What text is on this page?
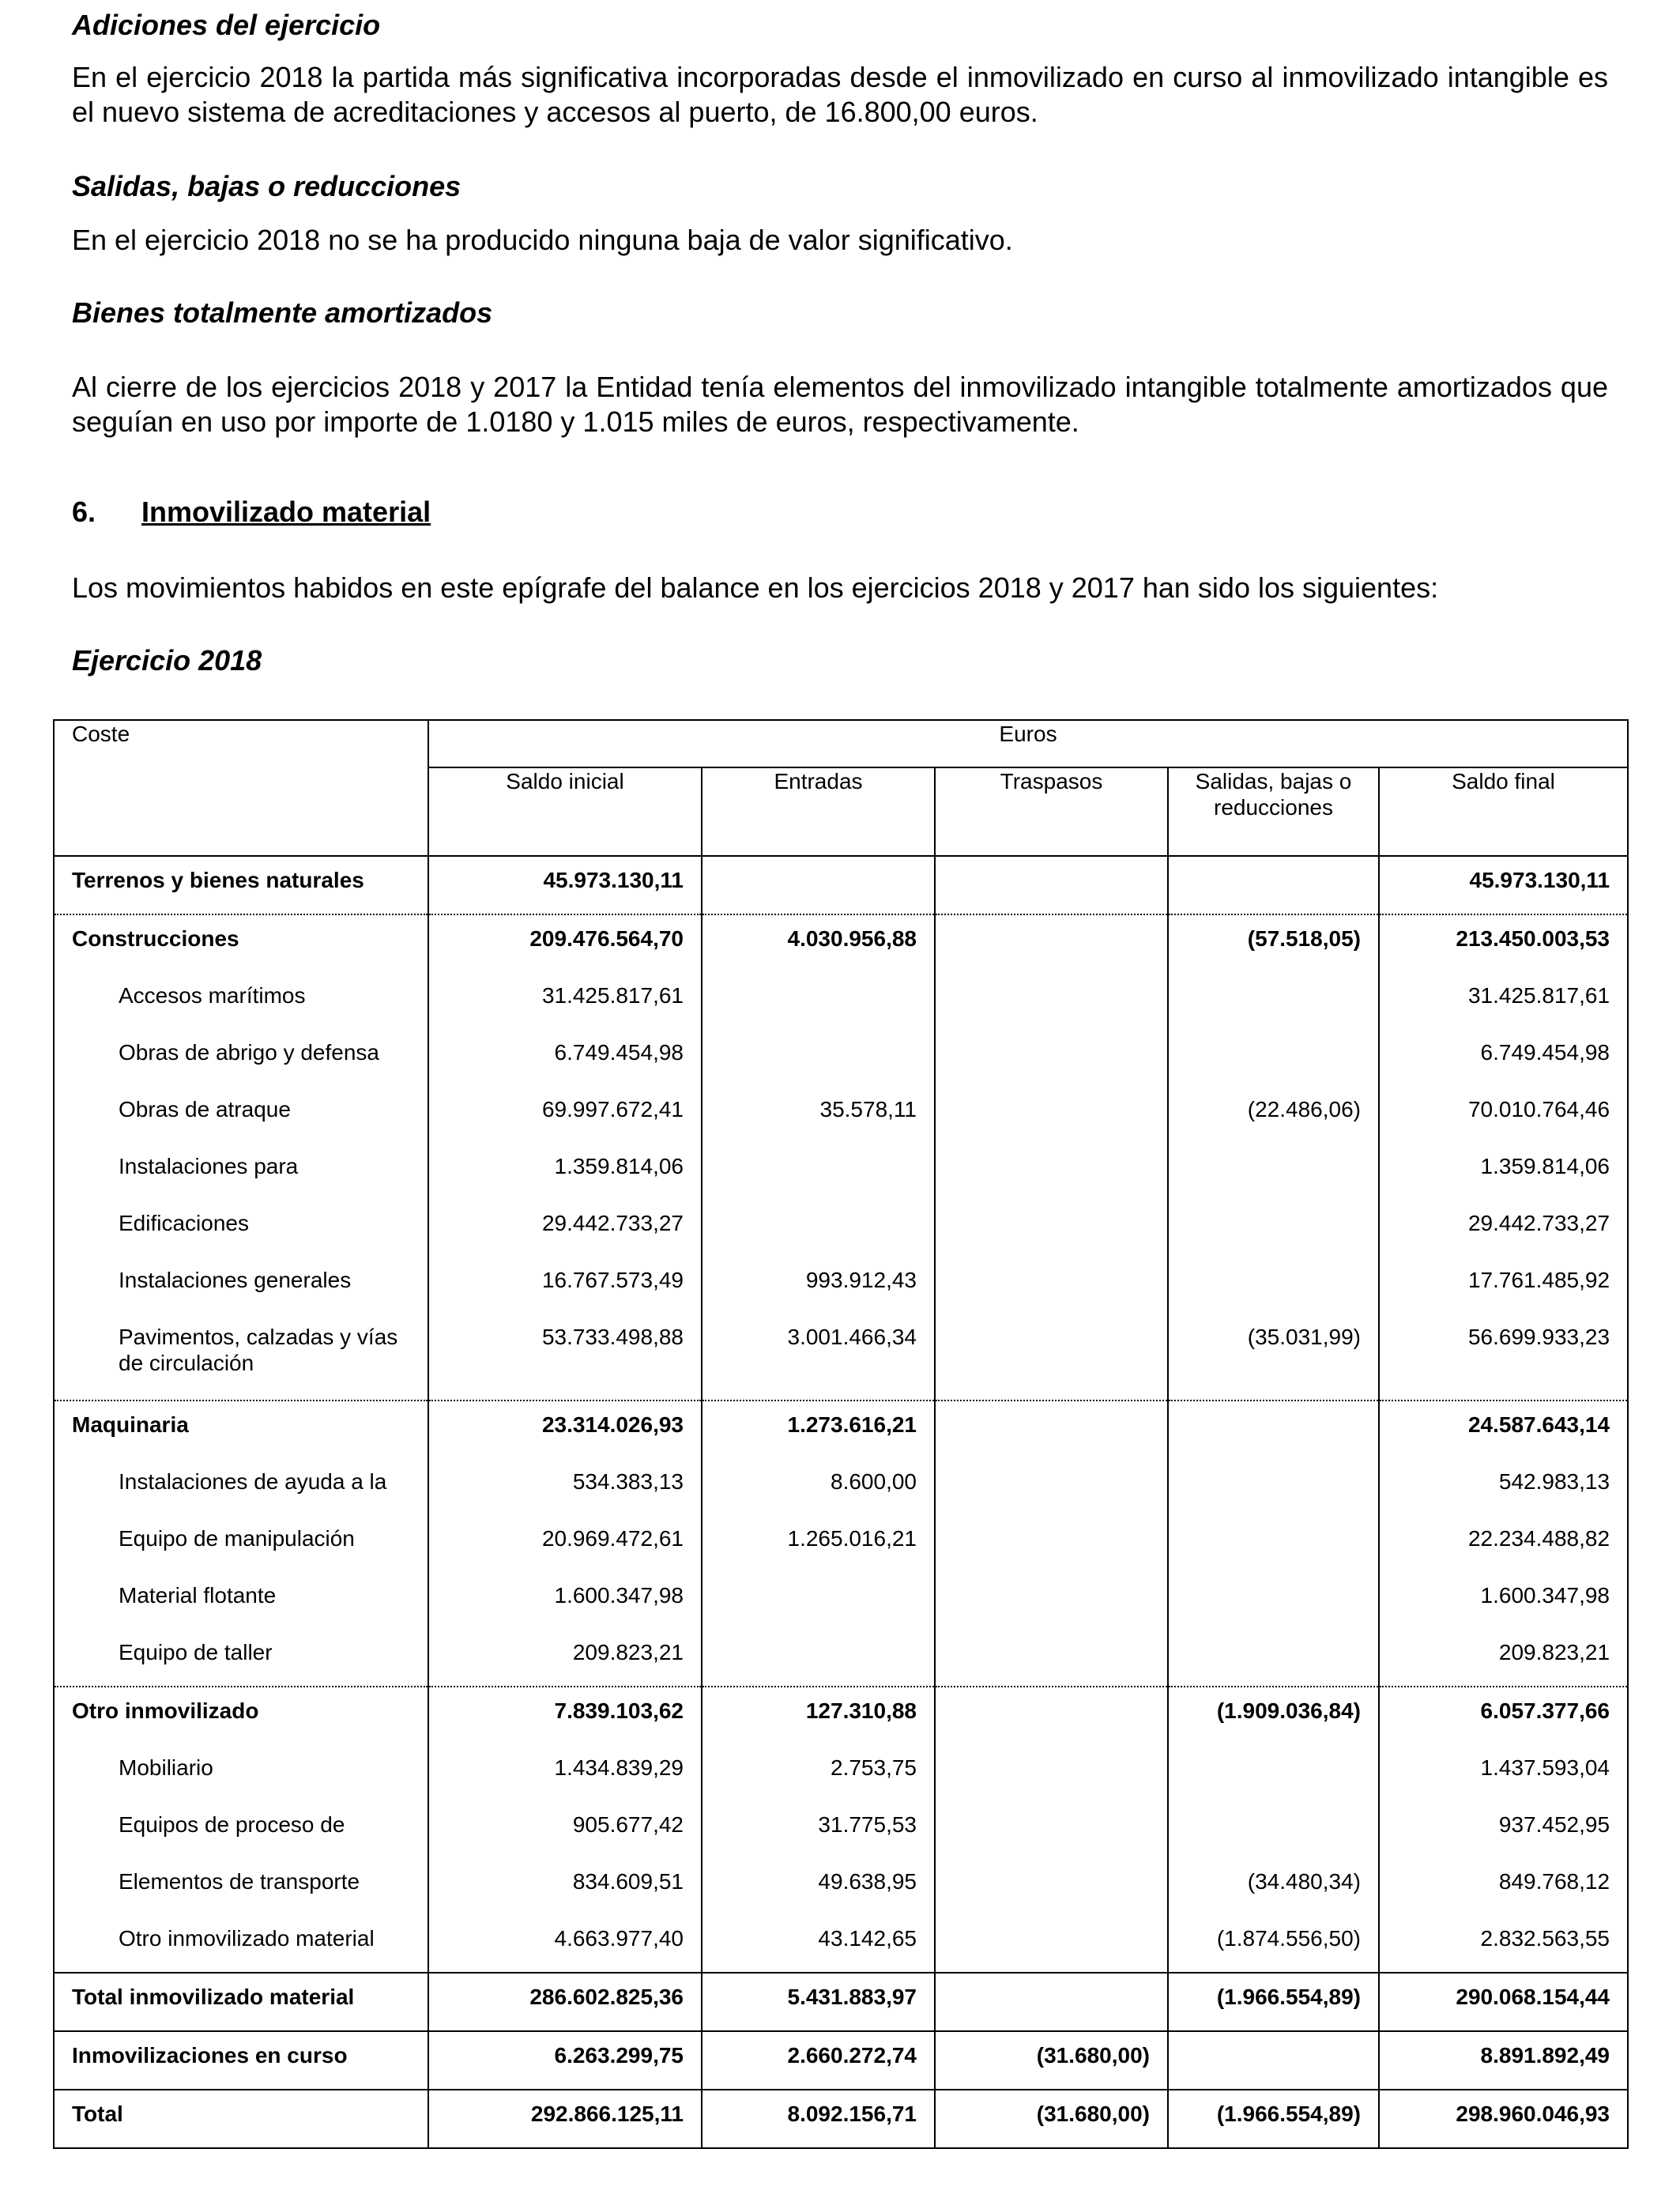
Adiciones del ejercicio

En el ejercicio 2018 la partida más significativa incorporadas desde el inmovilizado en curso al inmovilizado intangible es el nuevo sistema de acreditaciones y accesos al puerto, de 16.800,00 euros.

Salidas, bajas o reducciones

En el ejercicio 2018 no se ha producido ninguna baja de valor significativo.

Bienes totalmente amortizados

Al cierre de los ejercicios 2018 y 2017 la Entidad tenía elementos del inmovilizado intangible totalmente amortizados que seguían en uso por importe de 1.0180 y 1.015 miles de euros, respectivamente.

6. Inmovilizado material

Los movimientos habidos en este epígrafe del balance en los ejercicios 2018 y 2017 han sido los siguientes:

Ejercicio 2018
Coste	Euros				
	Saldo inicial	Entradas	Traspasos	Salidas, bajas o reducciones	Saldo final
Terrenos y bienes naturales	45.973.130,11				45.973.130,11
Construcciones	209.476.564,70	4.030.956,88		(57.518,05)	213.450.003,53
Accesos marítimos	31.425.817,61				31.425.817,61
Obras de abrigo y defensa	6.749.454,98				6.749.454,98
Obras de atraque	69.997.672,41	35.578,11		(22.486,06)	70.010.764,46
Instalaciones para	1.359.814,06				1.359.814,06
Edificaciones	29.442.733,27				29.442.733,27
Instalaciones generales	16.767.573,49	993.912,43			17.761.485,92
Pavimentos, calzadas y vías de circulación	53.733.498,88	3.001.466,34		(35.031,99)	56.699.933,23
Maquinaria	23.314.026,93	1.273.616,21			24.587.643,14
Instalaciones de ayuda a la	534.383,13	8.600,00			542.983,13
Equipo de manipulación	20.969.472,61	1.265.016,21			22.234.488,82
Material flotante	1.600.347,98				1.600.347,98
Equipo de taller	209.823,21				209.823,21
Otro inmovilizado	7.839.103,62	127.310,88		(1.909.036,84)	6.057.377,66
Mobiliario	1.434.839,29	2.753,75			1.437.593,04
Equipos de proceso de	905.677,42	31.775,53			937.452,95
Elementos de transporte	834.609,51	49.638,95		(34.480,34)	849.768,12
Otro inmovilizado material	4.663.977,40	43.142,65		(1.874.556,50)	2.832.563,55
Total inmovilizado material	286.602.825,36	5.431.883,97		(1.966.554,89)	290.068.154,44
Inmovilizaciones en curso	6.263.299,75	2.660.272,74	(31.680,00)		8.891.892,49
Total	292.866.125,11	8.092.156,71	(31.680,00)	(1.966.554,89)	298.960.046,93
